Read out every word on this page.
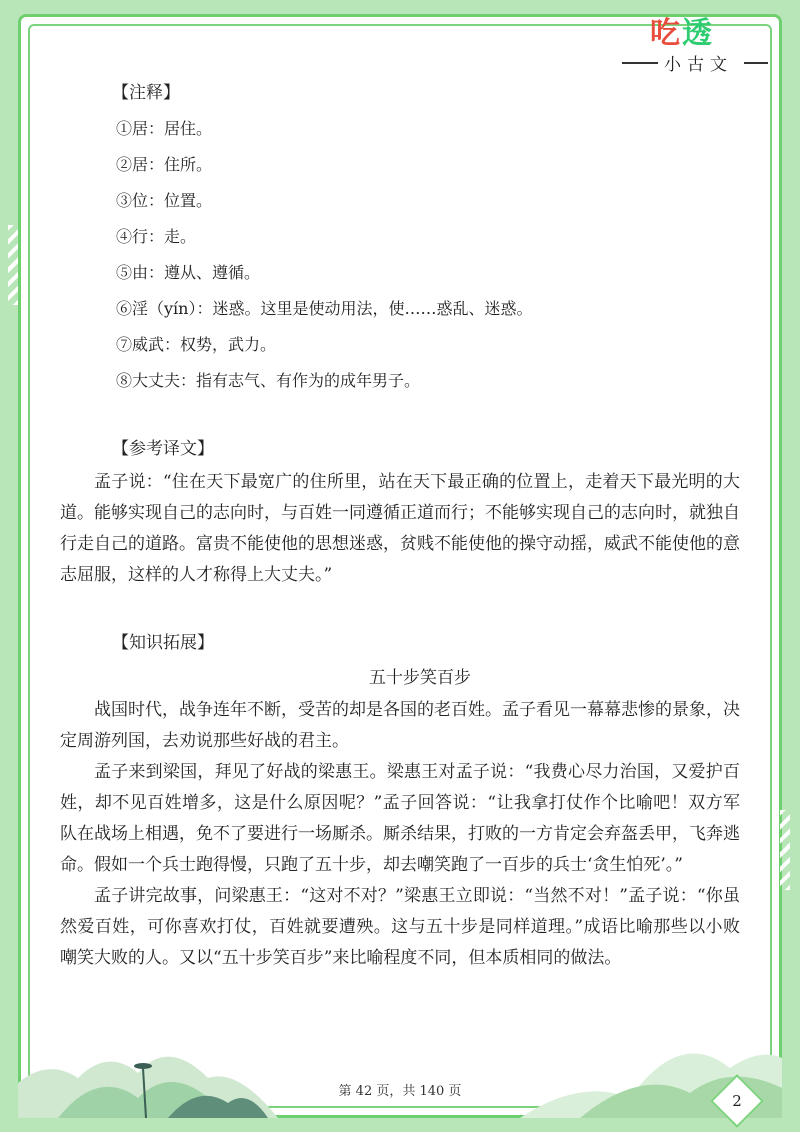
吃透
小古文
【注释】
①居：居住。
②居：住所。
③位：位置。
④行：走。
⑤由：遵从、遵循。
⑥淫（yín）：迷惑。这里是使动用法，使……惑乱、迷惑。
⑦威武：权势，武力。
⑧大丈夫：指有志气、有作为的成年男子。
【参考译文】

孟子说：“住在天下最宽广的住所里，站在天下最正确的位置上，走着天下最光明的大道。能够实现自己的志向时，与百姓一同遵循正道而行；不能够实现自己的志向时，就独自行走自己的道路。富贵不能使他的思想迷惑，贫贱不能使他的操守动摇，威武不能使他的意志屈服，这样的人才称得上大丈夫。”

【知识拓展】
五十步笑百步

战国时代，战争连年不断，受苦的却是各国的老百姓。孟子看见一幕幕悲惨的景象，决定周游列国，去劝说那些好战的君主。

孟子来到梁国，拜见了好战的梁惠王。梁惠王对孟子说：“我费心尽力治国，又爱护百姓，却不见百姓增多，这是什么原因呢？”孟子回答说：“让我拿打仗作个比喻吧！双方军队在战场上相遇，免不了要进行一场厮杀。厮杀结果，打败的一方肯定会弃盔丢甲，飞奔逃命。假如一个兵士跑得慢，只跑了五十步，却去嘲笑跑了一百步的兵士‘贪生怕死’。”

孟子讲完故事，问梁惠王：“这对不对？”梁惠王立即说：“当然不对！”孟子说：“你虽然爱百姓，可你喜欢打仗，百姓就要遭殃。这与五十步是同样道理。”成语比喻那些以小败嘲笑大败的人。又以“五十步笑百步”来比喻程度不同，但本质相同的做法。

第 42 页，共 140 页
2
